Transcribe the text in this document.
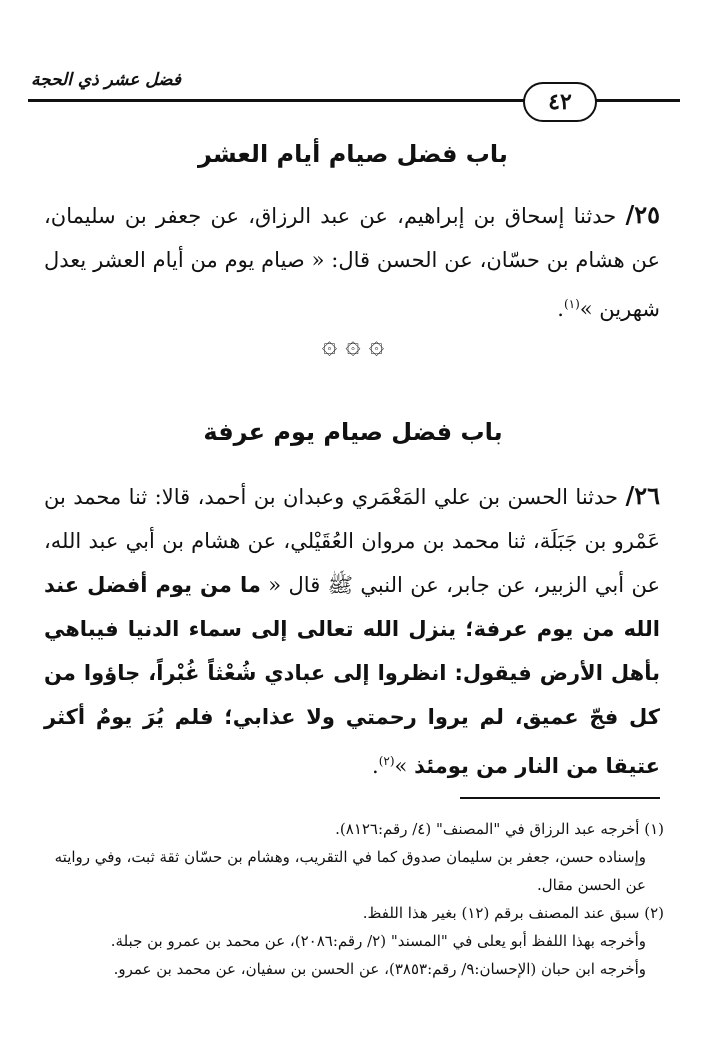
فضل عشر ذي الحجة
٤٢
باب فضل صيام أيام العشر
٢٥/ حدثنا إسحاق بن إبراهيم، عن عبد الرزاق، عن جعفر بن سليمان، عن هشام بن حسّان، عن الحسن قال: « صيام يوم من أيام العشر يعدل شهرين »$^{(١)}$.
۞ ۞ ۞
باب فضل صيام يوم عرفة
٢٦/ حدثنا الحسن بن علي المَعْمَري وعبدان بن أحمد، قالا: ثنا محمد بن عَمْرو بن جَبَلَة، ثنا محمد بن مروان العُقَيْلي، عن هشام بن أبي عبد الله، عن أبي الزبير، عن جابر، عن النبي ﷺ قال « ما من يوم أفضل عند الله من يوم عرفة؛ ينزل الله تعالى إلى سماء الدنيا فيباهي بأهل الأرض فيقول: انظروا إلى عبادي شُعْثاً غُبْراً، جاؤوا من كل فجّ عميق، لم يروا رحمتي ولا عذابي؛ فلم يُرَ يومٌ أكثر عتيقا من النار من يومئذ »$^{(٢)}$.
(١) أخرجه عبد الرزاق في "المصنف" (٤/ رقم:٨١٢٦).
وإسناده حسن، جعفر بن سليمان صدوق كما في التقريب، وهشام بن حسّان ثقة ثبت، وفي روايته عن الحسن مقال.
(٢) سبق عند المصنف برقم (١٢) بغير هذا اللفظ.
وأخرجه بهذا اللفظ أبو يعلى في "المسند" (٢/ رقم:٢٠٨٦)، عن محمد بن عمرو بن جبلة.
وأخرجه ابن حبان (الإحسان:٩/ رقم:٣٨٥٣)، عن الحسن بن سفيان، عن محمد بن عمرو.
